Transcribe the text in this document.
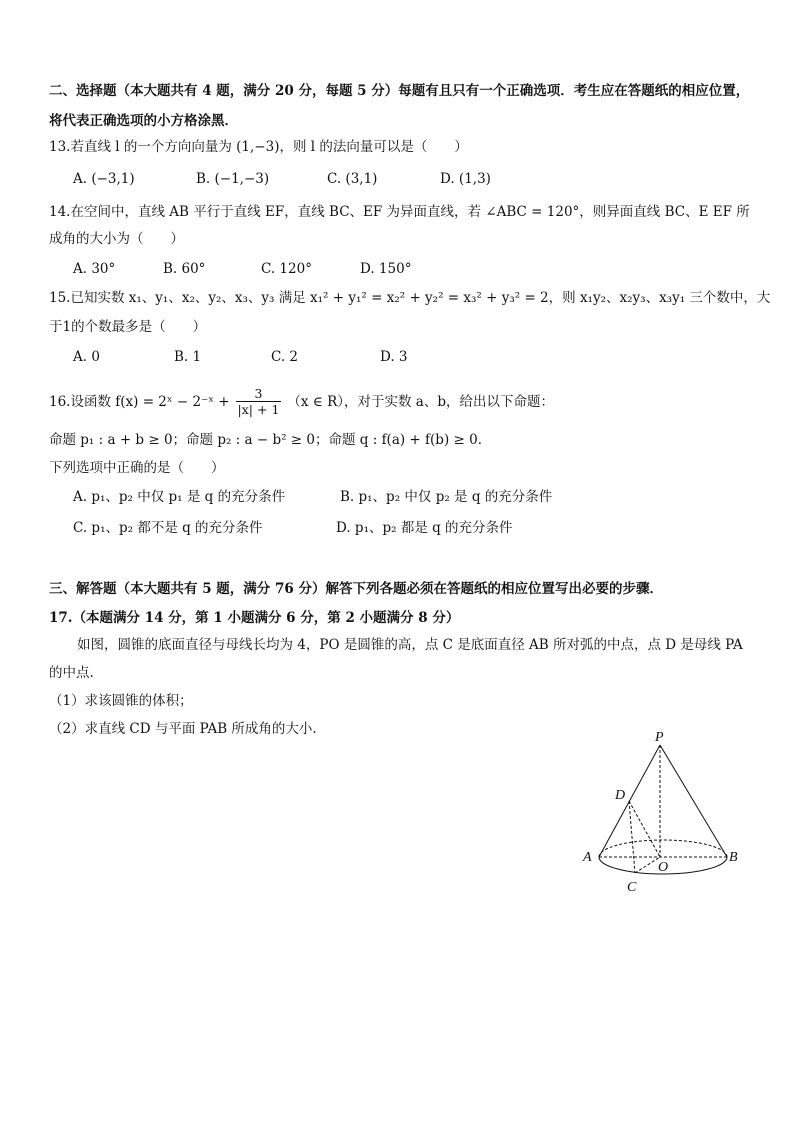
二、选择题（本大题共有 4 题，满分 20 分，每题 5 分）每题有且只有一个正确选项．考生应在答题纸的相应位置，
将代表正确选项的小方格涂黑．
13.若直线 l 的一个方向向量为 (1,−3)，则 l 的法向量可以是（　　）
A. (−3,1)	B. (−1,−3)	C. (3,1)	D. (1,3)
14.在空间中，直线 AB 平行于直线 EF，直线 BC、EF 为异面直线，若 ∠ABC = 120°，则异面直线 BC、E EF 所
成角的大小为（　　）
A. 30°	B. 60°	C. 120°	D. 150°
15.已知实数 x₁、y₁、x₂、y₂、x₃、y₃ 满足 x₁² + y₁² = x₂² + y₂² = x₃² + y₃² = 2，则 x₁y₂、x₂y₃、x₃y₁ 三个数中，大
于1的个数最多是（　　）
A. 0	B. 1	C. 2	D. 3
16.设函数 f(x) = 2ˣ − 2⁻ˣ + $\frac{3}{|x| + 1} (x$ ∈ R），对于实数 a、b，给出以下命题：
命题 p₁ : a + b ≥ 0；命题 p₂ : a − b² ≥ 0；命题 q : f(a) + f(b) ≥ 0．
下列选项中正确的是（　　）
A. p₁、p₂ 中仅 p₁ 是 q 的充分条件	B. p₁、p₂ 中仅 p₂ 是 q 的充分条件
C. p₁、p₂ 都不是 q 的充分条件	D. p₁、p₂ 都是 q 的充分条件
三、解答题（本大题共有 5 题，满分 76 分）解答下列各题必须在答题纸的相应位置写出必要的步骤．
17.（本题满分 14 分，第 1 小题满分 6 分，第 2 小题满分 8 分）
如图，圆锥的底面直径与母线长均为 4，PO 是圆锥的高，点 C 是底面直径 AB 所对弧的中点，点 D 是母线 PA
的中点.
（1）求该圆锥的体积；
（2）求直线 CD 与平面 PAB 所成角的大小.
P
D
A
O
B
C
